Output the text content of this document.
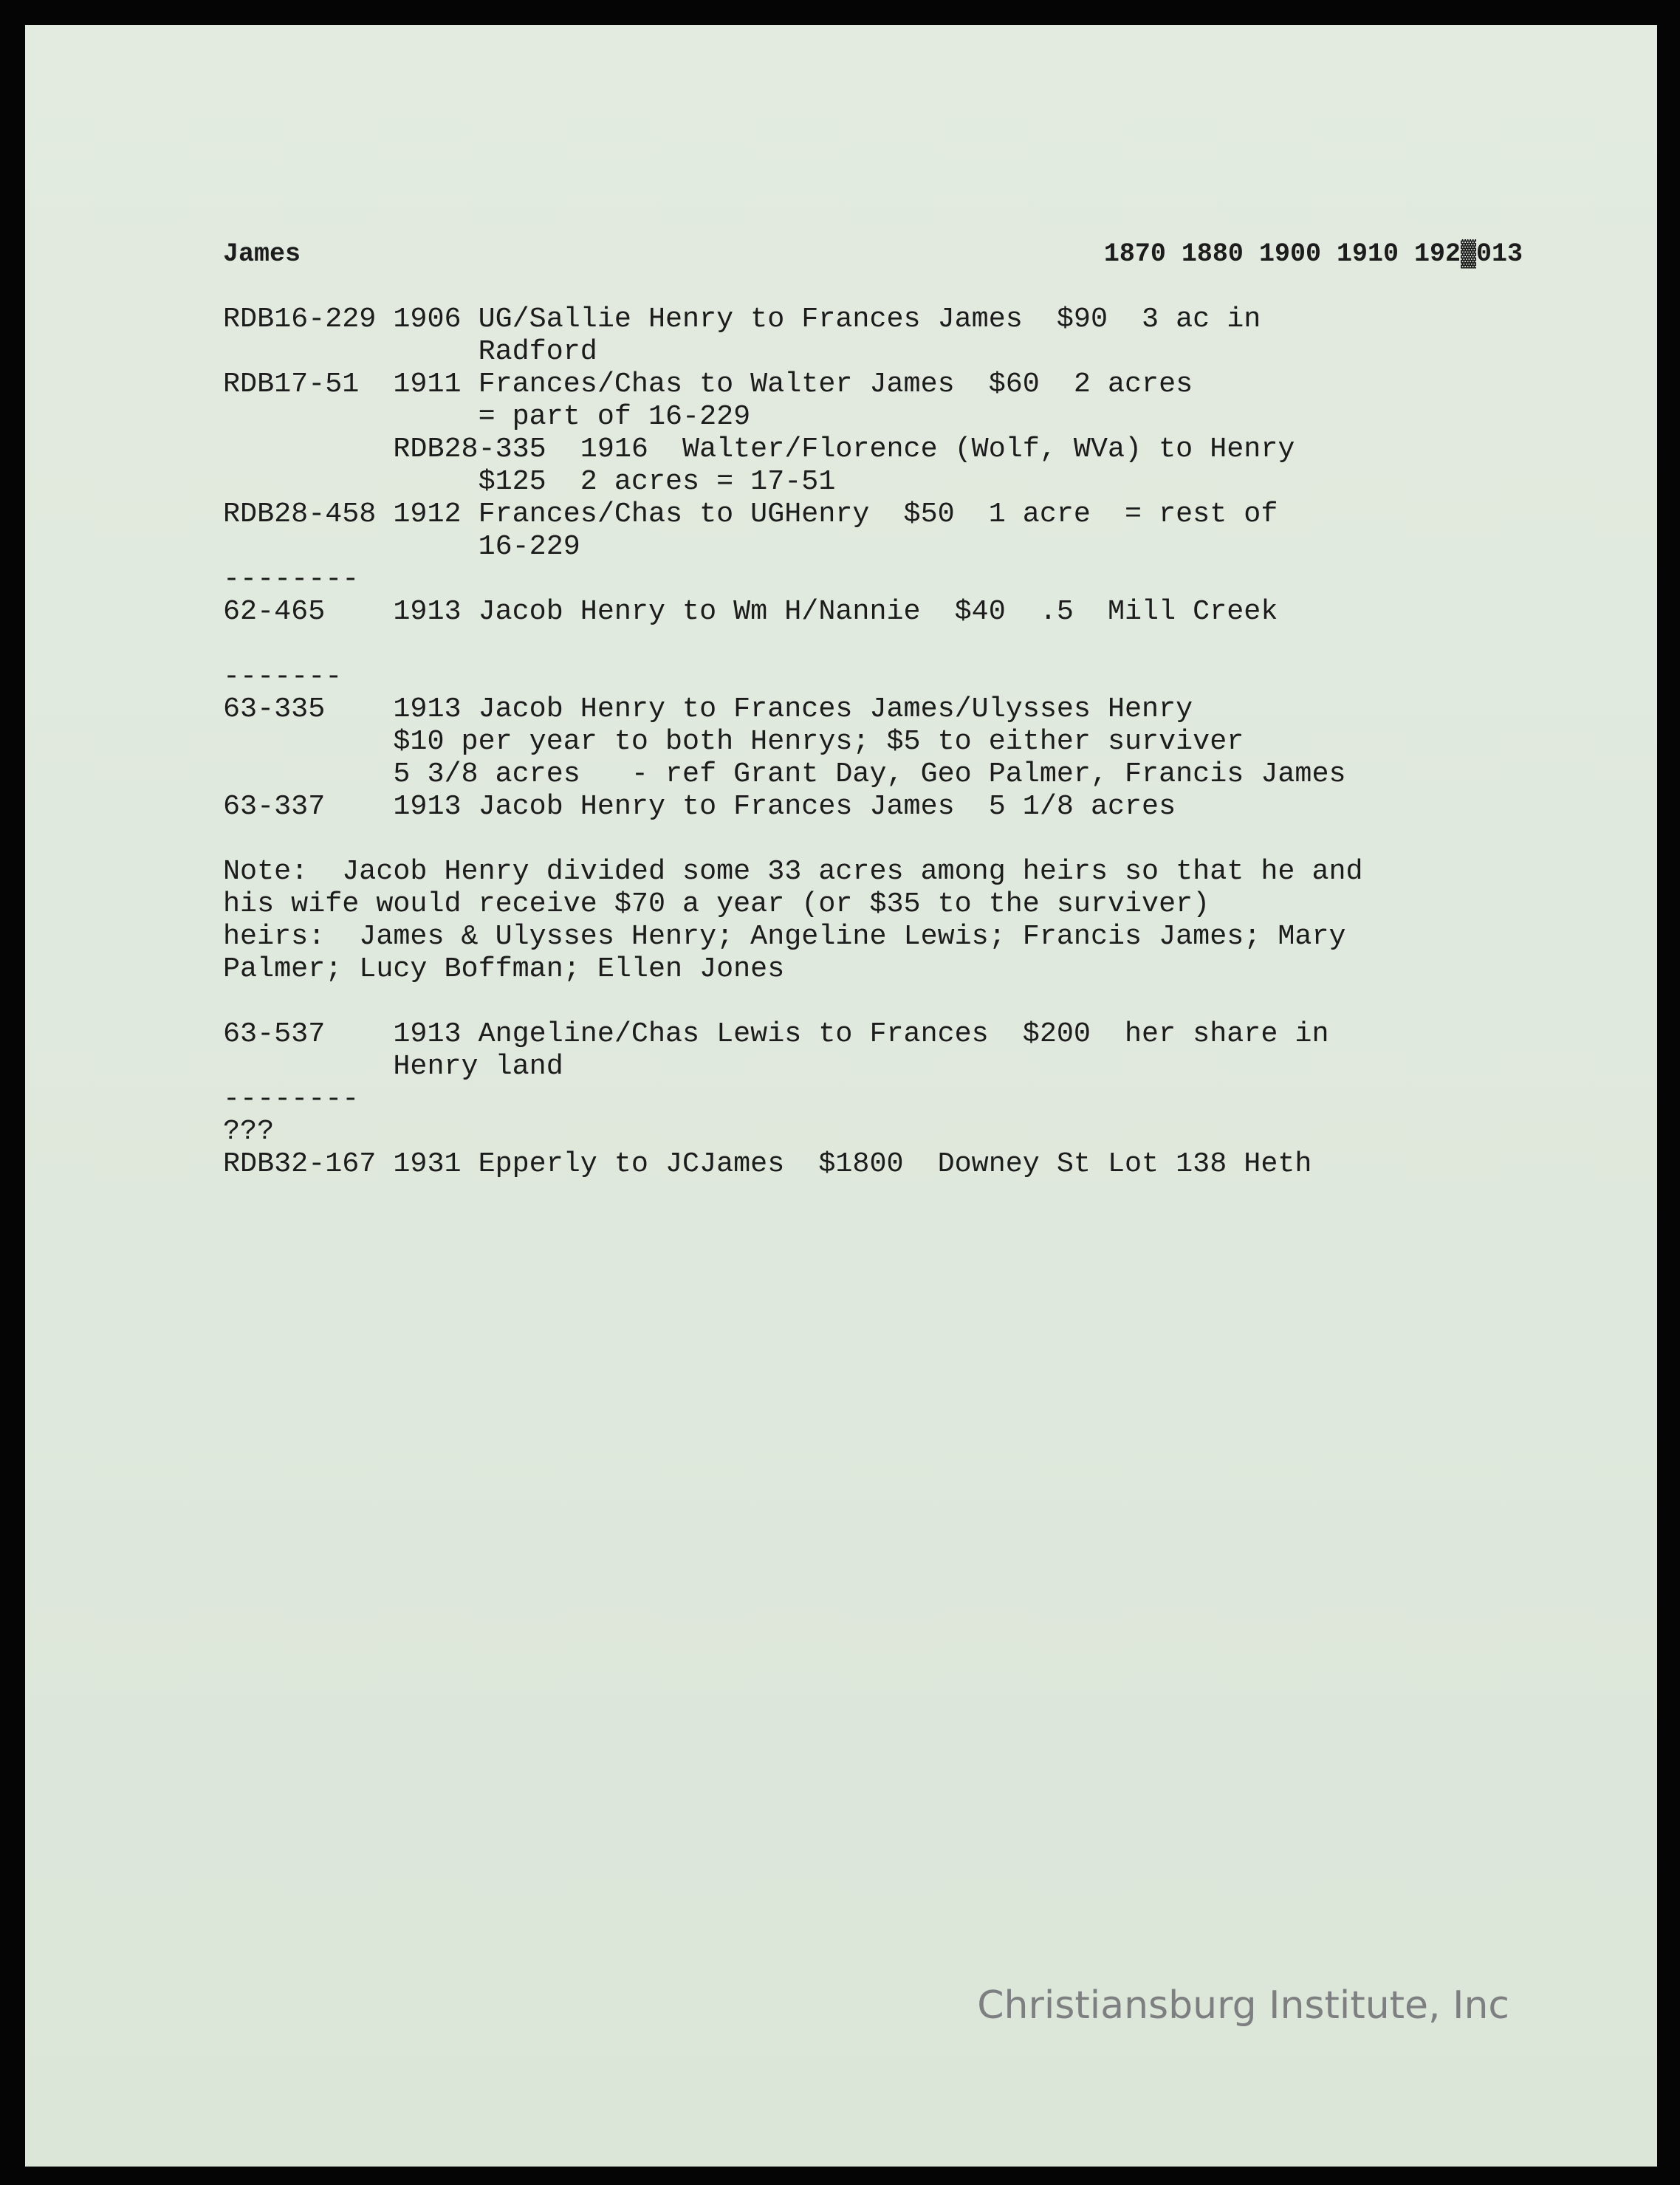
James	1870 1880 1900 1910 192▓013
RDB16-229 1906 UG/Sallie Henry to Frances James  $90  3 ac in
Radford
RDB17-51  1911 Frances/Chas to Walter James  $60  2 acres
= part of 16-229
RDB28-335  1916  Walter/Florence (Wolf, WVa) to Henry
$125  2 acres = 17-51
RDB28-458 1912 Frances/Chas to UGHenry  $50  1 acre  = rest of
16-229
--------
62-465    1913 Jacob Henry to Wm H/Nannie  $40  .5  Mill Creek
-------
63-335    1913 Jacob Henry to Frances James/Ulysses Henry
$10 per year to both Henrys; $5 to either surviver
5 3/8 acres   - ref Grant Day, Geo Palmer, Francis James
63-337    1913 Jacob Henry to Frances James  5 1/8 acres
Note:  Jacob Henry divided some 33 acres among heirs so that he and
his wife would receive $70 a year (or $35 to the surviver)
heirs:  James & Ulysses Henry; Angeline Lewis; Francis James; Mary
Palmer; Lucy Boffman; Ellen Jones
63-537    1913 Angeline/Chas Lewis to Frances  $200  her share in
Henry land
--------
???
RDB32-167 1931 Epperly to JCJames  $1800  Downey St Lot 138 Heth
Christiansburg Institute, Inc
